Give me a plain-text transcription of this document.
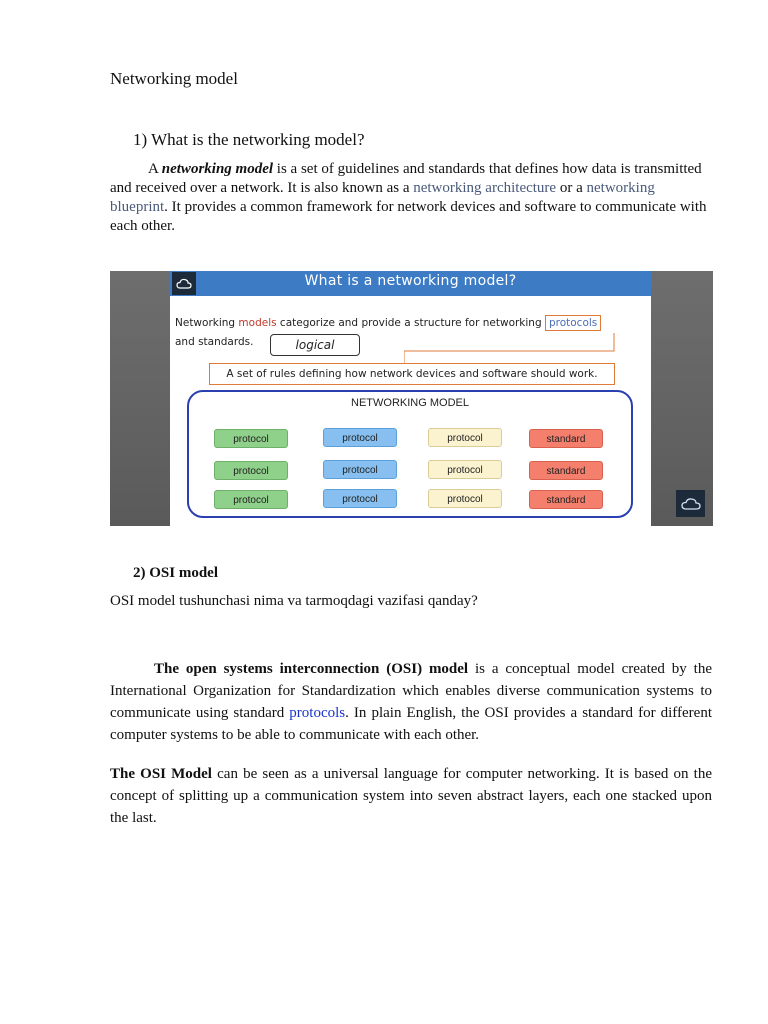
Networking model
1) What is the networking model?
A networking model is a set of guidelines and standards that defines how data is transmitted and received over a network. It is also known as a networking architecture or a networking blueprint. It provides a common framework for network devices and software to communicate with each other.
What is a networking model?
Networking models categorize and provide a structure for networking protocols
and standards.	logical
A set of rules defining how network devices and software should work.
NETWORKING MODEL
protocol	protocol	protocol	standard
protocol	protocol	protocol	standard
protocol	protocol	protocol	standard
2) OSI model
OSI model tushunchasi nima va tarmoqdagi vazifasi qanday?
The open systems interconnection (OSI) model is a conceptual model created by the International Organization for Standardization which enables diverse communication systems to communicate using standard protocols. In plain English, the OSI provides a standard for different computer systems to be able to communicate with each other.
The OSI Model can be seen as a universal language for computer networking. It is based on the concept of splitting up a communication system into seven abstract layers, each one stacked upon the last.
